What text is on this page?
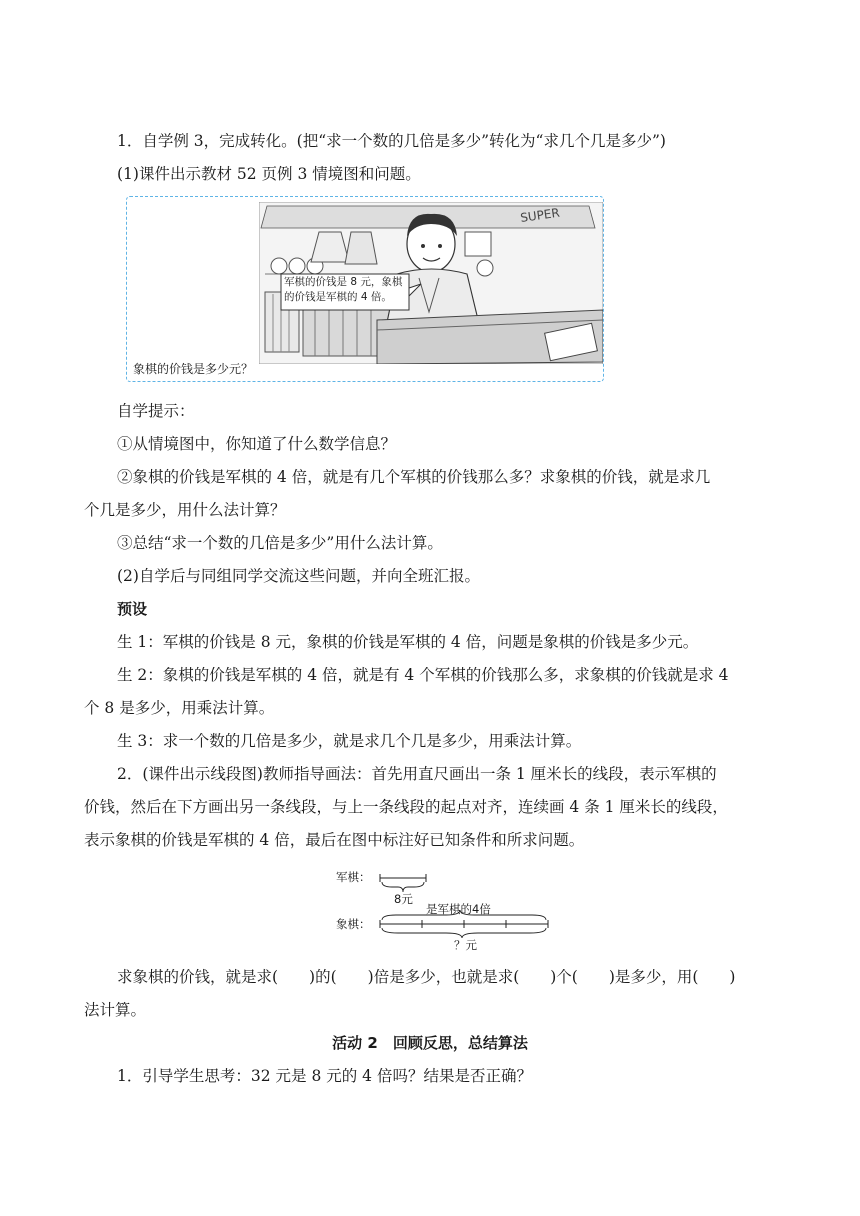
1．自学例 3，完成转化。(把“求一个数的几倍是多少”转化为“求几个几是多少”)
(1)课件出示教材 52 页例 3 情境图和问题。
SUPER
军棋的价钱是 8 元，象棋
的价钱是军棋的 4 倍。
象棋的价钱是多少元？
自学提示：
①从情境图中，你知道了什么数学信息？
②象棋的价钱是军棋的 4 倍，就是有几个军棋的价钱那么多？求象棋的价钱，就是求几
个几是多少，用什么法计算？
③总结“求一个数的几倍是多少”用什么法计算。
(2)自学后与同组同学交流这些问题，并向全班汇报。
预设
生 1：军棋的价钱是 8 元，象棋的价钱是军棋的 4 倍，问题是象棋的价钱是多少元。
生 2：象棋的价钱是军棋的 4 倍，就是有 4 个军棋的价钱那么多，求象棋的价钱就是求 4
个 8 是多少，用乘法计算。
生 3：求一个数的几倍是多少，就是求几个几是多少，用乘法计算。
2．(课件出示线段图)教师指导画法：首先用直尺画出一条 1 厘米长的线段，表示军棋的
价钱，然后在下方画出另一条线段，与上一条线段的起点对齐，连续画 4 条 1 厘米长的线段，
表示象棋的价钱是军棋的 4 倍，最后在图中标注好已知条件和所求问题。
军棋：
8元
是军棋的4倍
象棋：
？元
求象棋的价钱，就是求(　　)的(　　)倍是多少，也就是求(　　)个(　　)是多少，用(　　)
法计算。
活动 2　回顾反思，总结算法
1．引导学生思考：32 元是 8 元的 4 倍吗？结果是否正确？
